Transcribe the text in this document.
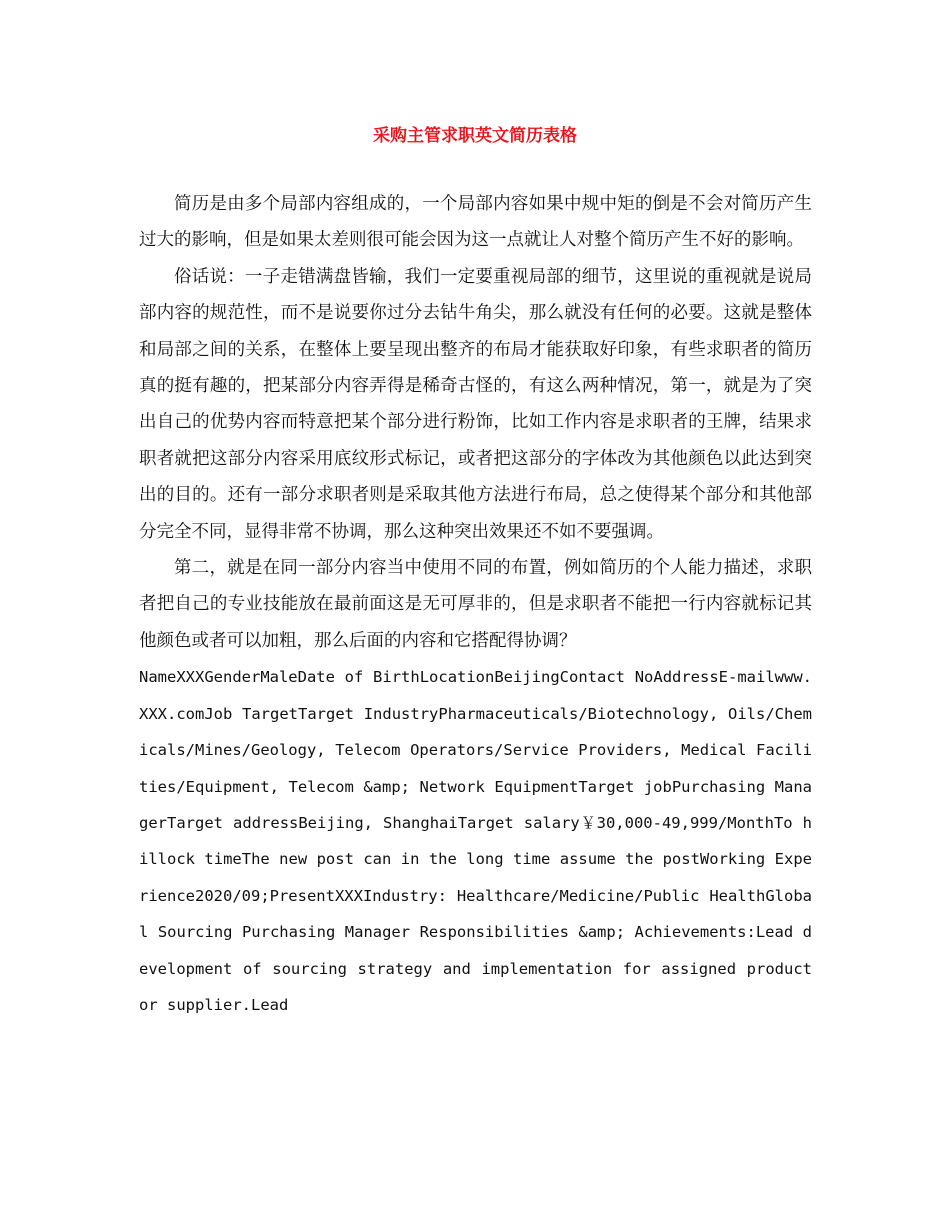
采购主管求职英文简历表格

简历是由多个局部内容组成的，一个局部内容如果中规中矩的倒是不会对简历产生过大的影响，但是如果太差则很可能会因为这一点就让人对整个简历产生不好的影响。

俗话说：一子走错满盘皆输，我们一定要重视局部的细节，这里说的重视就是说局部内容的规范性，而不是说要你过分去钻牛角尖，那么就没有任何的必要。这就是整体和局部之间的关系，在整体上要呈现出整齐的布局才能获取好印象，有些求职者的简历真的挺有趣的，把某部分内容弄得是稀奇古怪的，有这么两种情况，第一，就是为了突出自己的优势内容而特意把某个部分进行粉饰，比如工作内容是求职者的王牌，结果求职者就把这部分内容采用底纹形式标记，或者把这部分的字体改为其他颜色以此达到突出的目的。还有一部分求职者则是采取其他方法进行布局，总之使得某个部分和其他部分完全不同，显得非常不协调，那么这种突出效果还不如不要强调。

第二，就是在同一部分内容当中使用不同的布置，例如简历的个人能力描述，求职者把自己的专业技能放在最前面这是无可厚非的，但是求职者不能把一行内容就标记其他颜色或者可以加粗，那么后面的内容和它搭配得协调？

NameXXXGenderMaleDate of BirthLocationBeijingContact NoAddressE-mailwww.XXX.comJob TargetTarget IndustryPharmaceuticals/Biotechnology, Oils/Chemicals/Mines/Geology, Telecom Operators/Service Providers, Medical Facilities/Equipment, Telecom &amp; Network EquipmentTarget jobPurchasing ManagerTarget addressBeijing, ShanghaiTarget salary￥30,000-49,999/MonthTo hillock timeThe new post can in the long time assume the postWorking Experience2020/09;PresentXXXIndustry: Healthcare/Medicine/Public HealthGlobal Sourcing Purchasing Manager Responsibilities &amp; Achievements:Lead development of sourcing strategy and implementation for assigned product or supplier.Lead
